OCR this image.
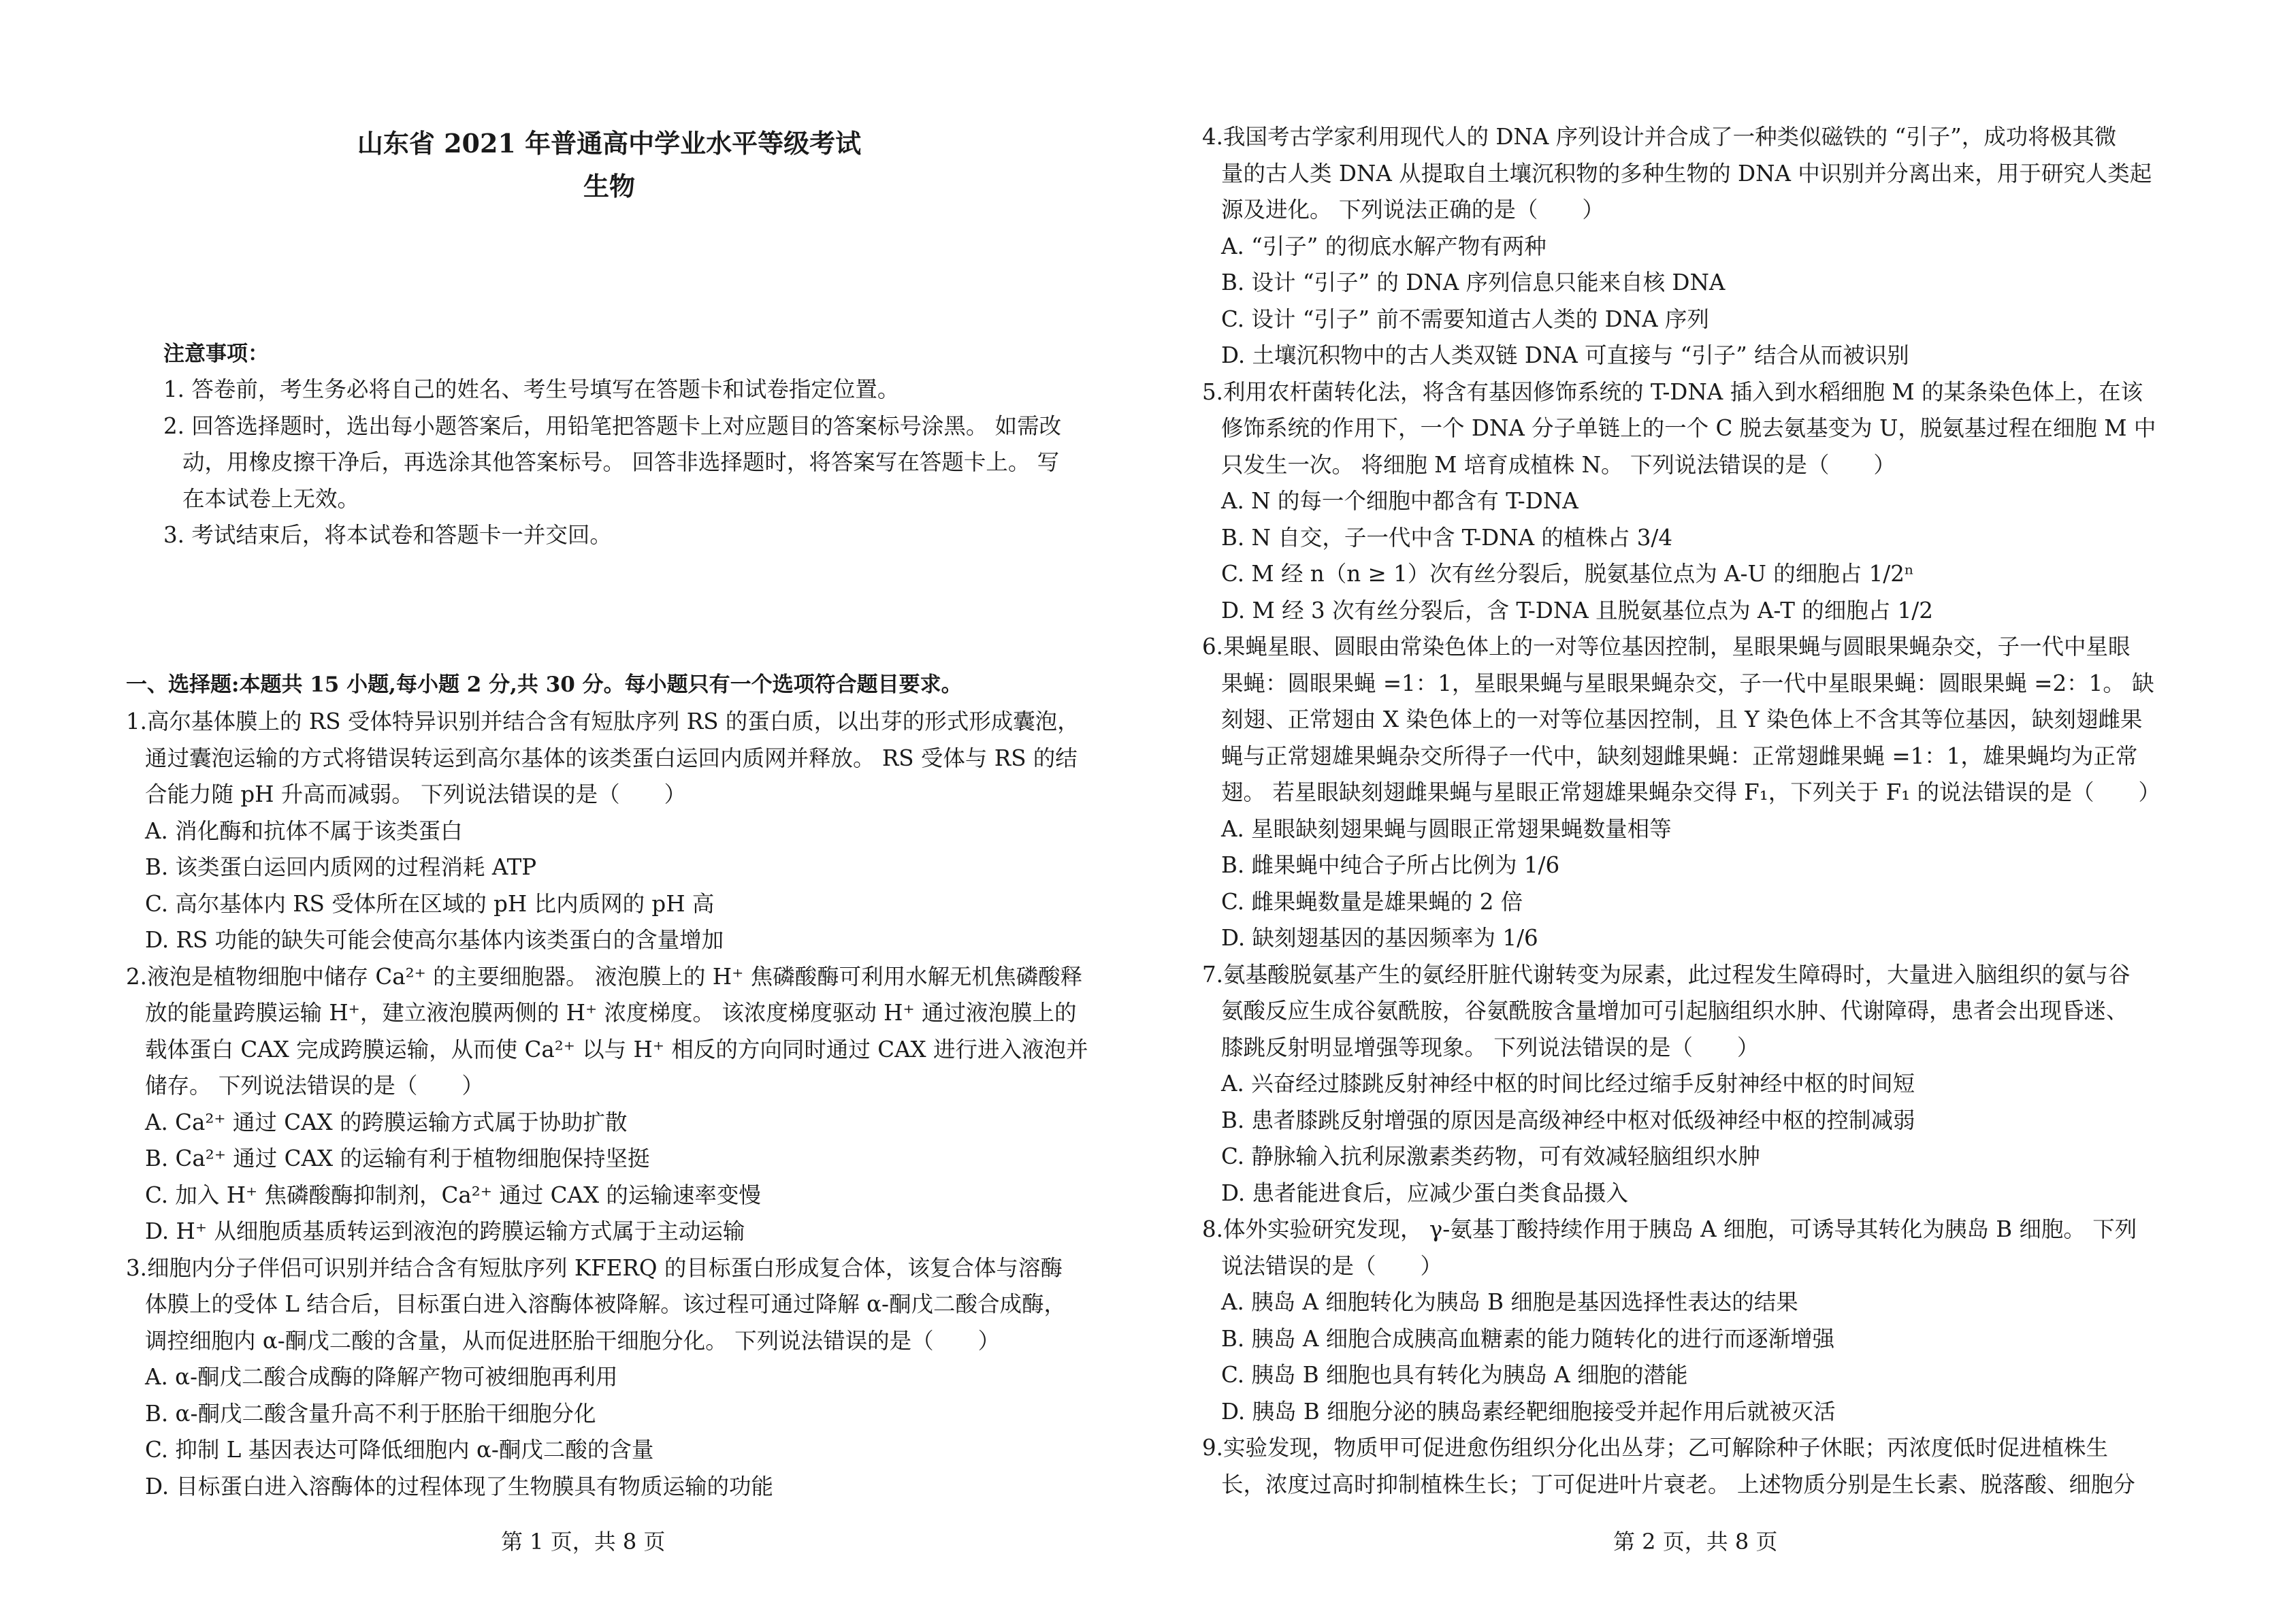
山东省 2021 年普通高中学业水平等级考试
生物
注意事项：
1. 答卷前，考生务必将自己的姓名、考生号填写在答题卡和试卷指定位置。
2. 回答选择题时，选出每小题答案后，用铅笔把答题卡上对应题目的答案标号涂黑。 如需改
动，用橡皮擦干净后，再选涂其他答案标号。 回答非选择题时，将答案写在答题卡上。 写
在本试卷上无效。
3. 考试结束后，将本试卷和答题卡一并交回。
一、选择题:本题共 15 小题,每小题 2 分,共 30 分。每小题只有一个选项符合题目要求。
1.高尔基体膜上的 RS 受体特异识别并结合含有短肽序列 RS 的蛋白质，以出芽的形式形成囊泡，
通过囊泡运输的方式将错误转运到高尔基体的该类蛋白运回内质网并释放。 RS 受体与 RS 的结
合能力随 pH 升高而减弱。 下列说法错误的是（　　）
A. 消化酶和抗体不属于该类蛋白
B. 该类蛋白运回内质网的过程消耗 ATP
C. 高尔基体内 RS 受体所在区域的 pH 比内质网的 pH 高
D. RS 功能的缺失可能会使高尔基体内该类蛋白的含量增加
2.液泡是植物细胞中储存 Ca²⁺ 的主要细胞器。 液泡膜上的 H⁺ 焦磷酸酶可利用水解无机焦磷酸释
放的能量跨膜运输 H⁺，建立液泡膜两侧的 H⁺ 浓度梯度。 该浓度梯度驱动 H⁺ 通过液泡膜上的
载体蛋白 CAX 完成跨膜运输，从而使 Ca²⁺ 以与 H⁺ 相反的方向同时通过 CAX 进行进入液泡并
储存。 下列说法错误的是（　　）
A. Ca²⁺ 通过 CAX 的跨膜运输方式属于协助扩散
B. Ca²⁺ 通过 CAX 的运输有利于植物细胞保持坚挺
C. 加入 H⁺ 焦磷酸酶抑制剂，Ca²⁺ 通过 CAX 的运输速率变慢
D. H⁺ 从细胞质基质转运到液泡的跨膜运输方式属于主动运输
3.细胞内分子伴侣可识别并结合含有短肽序列 KFERQ 的目标蛋白形成复合体，该复合体与溶酶
体膜上的受体 L 结合后，目标蛋白进入溶酶体被降解。该过程可通过降解 α-酮戊二酸合成酶，
调控细胞内 α-酮戊二酸的含量，从而促进胚胎干细胞分化。 下列说法错误的是（　　）
A. α-酮戊二酸合成酶的降解产物可被细胞再利用
B. α-酮戊二酸含量升高不利于胚胎干细胞分化
C. 抑制 L 基因表达可降低细胞内 α-酮戊二酸的含量
D. 目标蛋白进入溶酶体的过程体现了生物膜具有物质运输的功能
第 1 页，共 8 页
4.我国考古学家利用现代人的 DNA 序列设计并合成了一种类似磁铁的 “引子”，成功将极其微
量的古人类 DNA 从提取自土壤沉积物的多种生物的 DNA 中识别并分离出来，用于研究人类起
源及进化。 下列说法正确的是（　　）
A. “引子” 的彻底水解产物有两种
B. 设计 “引子” 的 DNA 序列信息只能来自核 DNA
C. 设计 “引子” 前不需要知道古人类的 DNA 序列
D. 土壤沉积物中的古人类双链 DNA 可直接与 “引子” 结合从而被识别
5.利用农杆菌转化法，将含有基因修饰系统的 T-DNA 插入到水稻细胞 M 的某条染色体上，在该
修饰系统的作用下，一个 DNA 分子单链上的一个 C 脱去氨基变为 U，脱氨基过程在细胞 M 中
只发生一次。 将细胞 M 培育成植株 N。 下列说法错误的是（　　）
A. N 的每一个细胞中都含有 T-DNA
B. N 自交，子一代中含 T-DNA 的植株占 3/4
C. M 经 n（n ≥ 1）次有丝分裂后，脱氨基位点为 A-U 的细胞占 1/2ⁿ
D. M 经 3 次有丝分裂后，含 T-DNA 且脱氨基位点为 A-T 的细胞占 1/2
6.果蝇星眼、圆眼由常染色体上的一对等位基因控制，星眼果蝇与圆眼果蝇杂交，子一代中星眼
果蝇：圆眼果蝇 =1：1，星眼果蝇与星眼果蝇杂交，子一代中星眼果蝇：圆眼果蝇 =2：1。 缺
刻翅、正常翅由 X 染色体上的一对等位基因控制，且 Y 染色体上不含其等位基因，缺刻翅雌果
蝇与正常翅雄果蝇杂交所得子一代中，缺刻翅雌果蝇：正常翅雌果蝇 =1：1，雄果蝇均为正常
翅。 若星眼缺刻翅雌果蝇与星眼正常翅雄果蝇杂交得 F₁，下列关于 F₁ 的说法错误的是（　　）
A. 星眼缺刻翅果蝇与圆眼正常翅果蝇数量相等
B. 雌果蝇中纯合子所占比例为 1/6
C. 雌果蝇数量是雄果蝇的 2 倍
D. 缺刻翅基因的基因频率为 1/6
7.氨基酸脱氨基产生的氨经肝脏代谢转变为尿素，此过程发生障碍时，大量进入脑组织的氨与谷
氨酸反应生成谷氨酰胺，谷氨酰胺含量增加可引起脑组织水肿、代谢障碍，患者会出现昏迷、
膝跳反射明显增强等现象。 下列说法错误的是（　　）
A. 兴奋经过膝跳反射神经中枢的时间比经过缩手反射神经中枢的时间短
B. 患者膝跳反射增强的原因是高级神经中枢对低级神经中枢的控制减弱
C. 静脉输入抗利尿激素类药物，可有效减轻脑组织水肿
D. 患者能进食后，应减少蛋白类食品摄入
8.体外实验研究发现， γ-氨基丁酸持续作用于胰岛 A 细胞，可诱导其转化为胰岛 B 细胞。 下列
说法错误的是（　　）
A. 胰岛 A 细胞转化为胰岛 B 细胞是基因选择性表达的结果
B. 胰岛 A 细胞合成胰高血糖素的能力随转化的进行而逐渐增强
C. 胰岛 B 细胞也具有转化为胰岛 A 细胞的潜能
D. 胰岛 B 细胞分泌的胰岛素经靶细胞接受并起作用后就被灭活
9.实验发现，物质甲可促进愈伤组织分化出丛芽；乙可解除种子休眠；丙浓度低时促进植株生
长，浓度过高时抑制植株生长；丁可促进叶片衰老。 上述物质分别是生长素、脱落酸、细胞分
第 2 页，共 8 页
